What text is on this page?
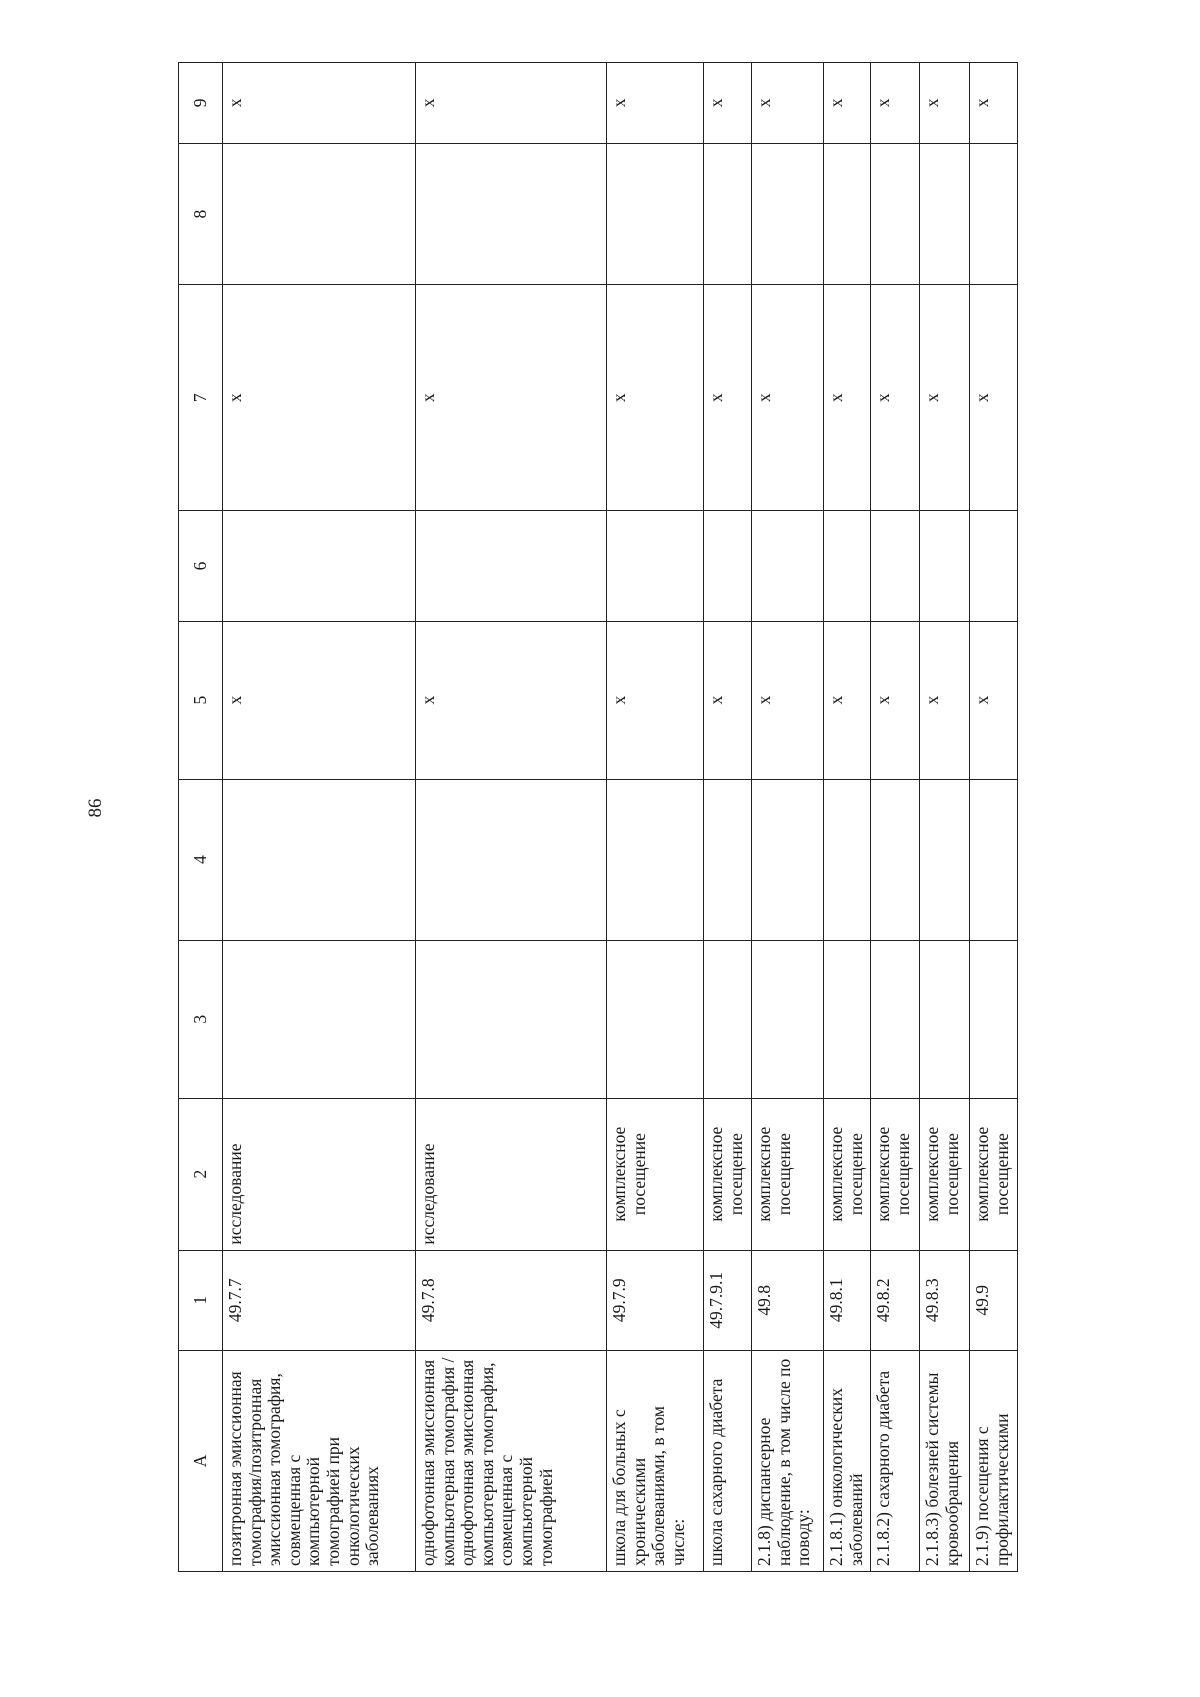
86
A	1	2	3	4	5	6	7	8	9
позитронная эмиссионная томография/позитронная эмиссионная томография, совмещенная с компьютерной томографией при онкологических заболеваниях	49.7.7	исследование			x		x		x
однофотонная эмиссионная компьютерная томография / однофотонная эмиссионная компьютерная томография, совмещенная с компьютерной томографией	49.7.8	исследование			x		x		x
школа для больных с хроническими заболеваниями, в том числе:	49.7.9	комплексное посещение			x		x		x
школа сахарного диабета	49.7.9.1	комплексное посещение			x		x		x
2.1.8) диспансерное наблюдение, в том числе по поводу:	49.8	комплексное посещение			x		x		x
2.1.8.1) онкологических заболеваний	49.8.1	комплексное посещение			x		x		x
2.1.8.2) сахарного диабета	49.8.2	комплексное посещение			x		x		x
2.1.8.3) болезней системы кровообращения	49.8.3	комплексное посещение			x		x		x
2.1.9) посещения с профилактическими	49.9	комплексное посещение			x		x		x
